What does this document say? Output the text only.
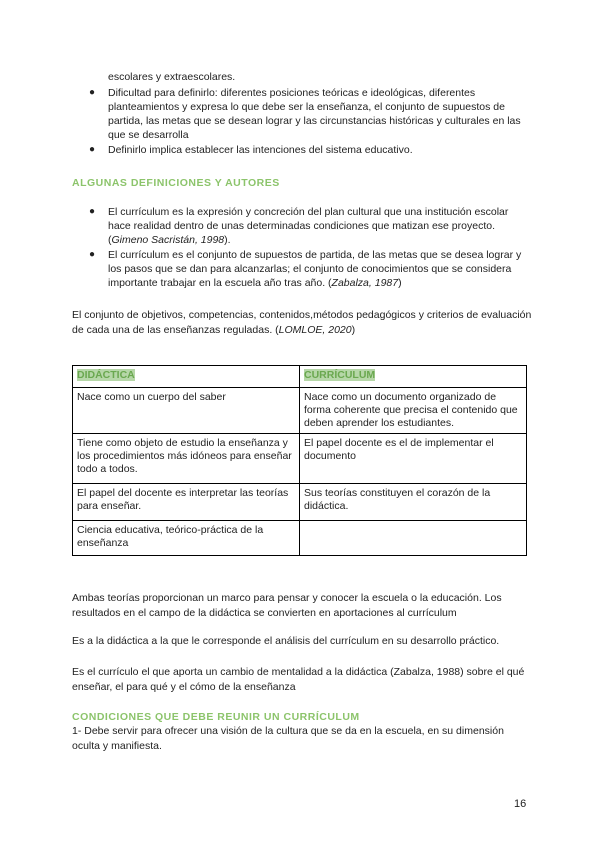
escolares y extraescolares.
● Dificultad para definirlo: diferentes posiciones teóricas e ideológicas, diferentes planteamientos y expresa lo que debe ser la enseñanza, el conjunto de supuestos de partida, las metas que se desean lograr y las circunstancias históricas y culturales en las que se desarrolla
● Definirlo implica establecer las intenciones del sistema educativo.
ALGUNAS DEFINICIONES Y AUTORES
● El currículum es la expresión y concreción del plan cultural que una institución escolar hace realidad dentro de unas determinadas condiciones que matizan ese proyecto. (Gimeno Sacristán, 1998).
● El currículum es el conjunto de supuestos de partida, de las metas que se desea lograr y los pasos que se dan para alcanzarlas; el conjunto de conocimientos que se considera importante trabajar en la escuela año tras año. (Zabalza, 1987)
El conjunto de objetivos, competencias, contenidos,métodos pedagógicos y criterios de evaluación de cada una de las enseñanzas reguladas. (LOMLOE, 2020)
DIDÁCTICA	CURRÍCULUM
Nace como un cuerpo del saber	Nace como un documento organizado de forma coherente que precisa el contenido que deben aprender los estudiantes.
Tiene como objeto de estudio la enseñanza y los procedimientos más idóneos para enseñar todo a todos.	El papel docente es el de implementar el documento
El papel del docente es interpretar las teorías para enseñar.	Sus teorías constituyen el corazón de la didáctica.
Ciencia educativa, teórico-práctica de la enseñanza	
Ambas teorías proporcionan un marco para pensar y conocer la escuela o la educación. Los resultados en el campo de la didáctica se convierten en aportaciones al currículum
Es a la didáctica a la que le corresponde el análisis del currículum en su desarrollo práctico.
Es el currículo el que aporta un cambio de mentalidad a la didáctica (Zabalza, 1988) sobre el qué enseñar, el para qué y el cómo de la enseñanza
CONDICIONES QUE DEBE REUNIR UN CURRÍCULUM
1- Debe servir para ofrecer una visión de la cultura que se da en la escuela, en su dimensión oculta y manifiesta.
16
